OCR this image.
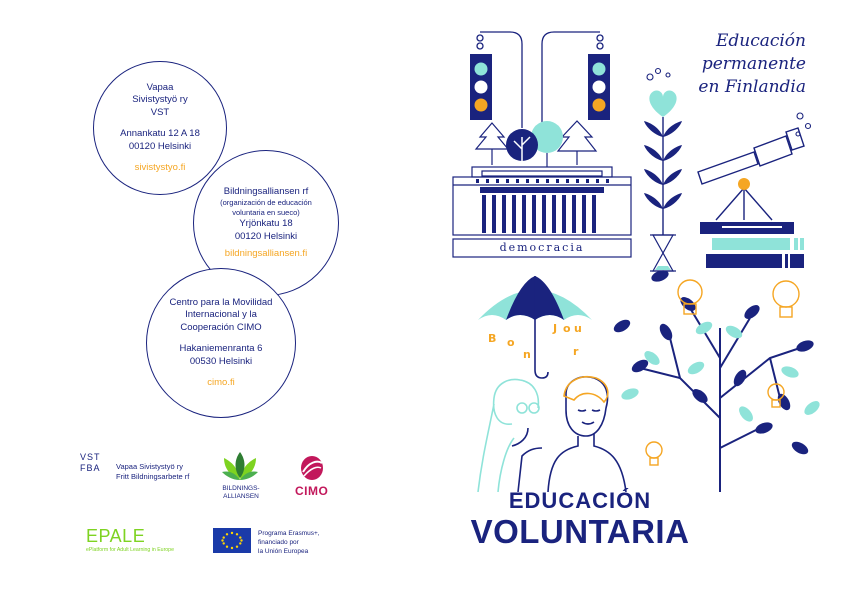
Vapaa
Sivistystyö ry
VST
Annankatu 12 A 18
00120 Helsinki
sivistystyo.fi
Bildningsalliansen rf
(organización de educación
voluntaria en sueco)
Yrjönkatu 18
00120 Helsinki
bildningsalliansen.fi
Centro para la Movilidad
Internacional y la
Cooperación CIMO
Hakaniemenranta 6
00530 Helsinki
cimo.fi
VST FBA Vapaa Sivistystyö ry
Fritt Bildningsarbete rf
BILDNINGS-
ALLIANSEN	CIMO
EPALE
ePlatform for Adult Learning in Europe
Programa Erasmus+,
financiado por
la Unión Europea
Educación
permanente
en Finlandia
democracia
B o
n
J o u
r
EDUCACIÓN
VOLUNTARIA
